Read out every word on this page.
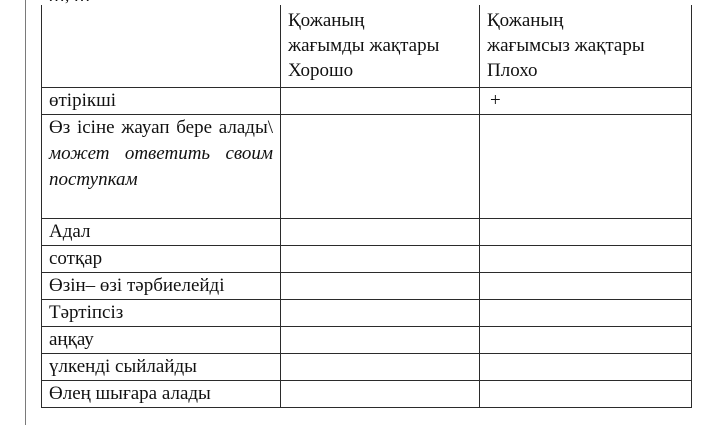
	Қожаның
жағымды жақтары
Хорошо	Қожаның
жағымсыз жақтары
Плохо

өтірікші		+
Өз ісіне жауап бере алады\ может ответить своим поступкам		
Адал		
сотқар		
Өзін– өзі тәрбиелейді		
Тәртіпсіз		
аңқау		
үлкенді сыйлайды		
Өлең шығара алады		
